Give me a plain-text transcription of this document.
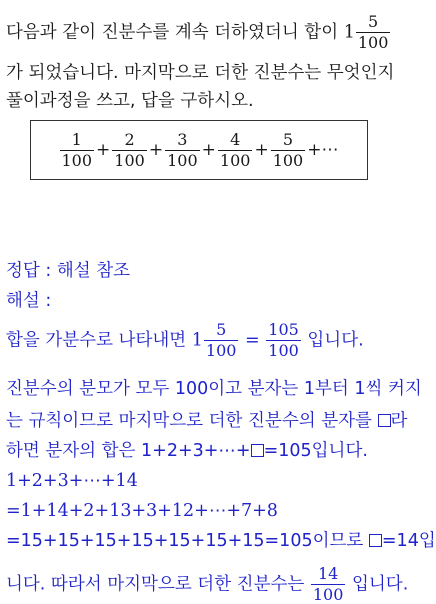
다음과 같이 진분수를 계속 더하였더니 합이 $1 \frac{5}{100}$
가 되었습니다. 마지막으로 더한 진분수는 무엇인지
풀이과정을 쓰고, 답을 구하시오.
$\frac{1}{100} + \frac{2}{100} + \frac{3}{100} + \frac{4}{100} + \frac{5}{100}$ +⋯
정답 : 해설 참조
해설 :
합을 가분수로 나타내면 $1 \frac{5}{100} = \frac{105}{100}$ 입니다.
진분수의 분모가 모두 100이고 분자는 1부터 1씩 커지
는 규칙이므로 마지막으로 더한 진분수의 분자를 라
하면 분자의 합은 1+2+3+⋯+ =105입니다.
1+2+3+⋯+14
=1+14+2+13+3+12+⋯+7+8
=15+15+15+15+15+15+15=105이므로 =14입
니다. 따라서 마지막으로 더한 진분수는 $\frac{14}{100}$ 입니다.
